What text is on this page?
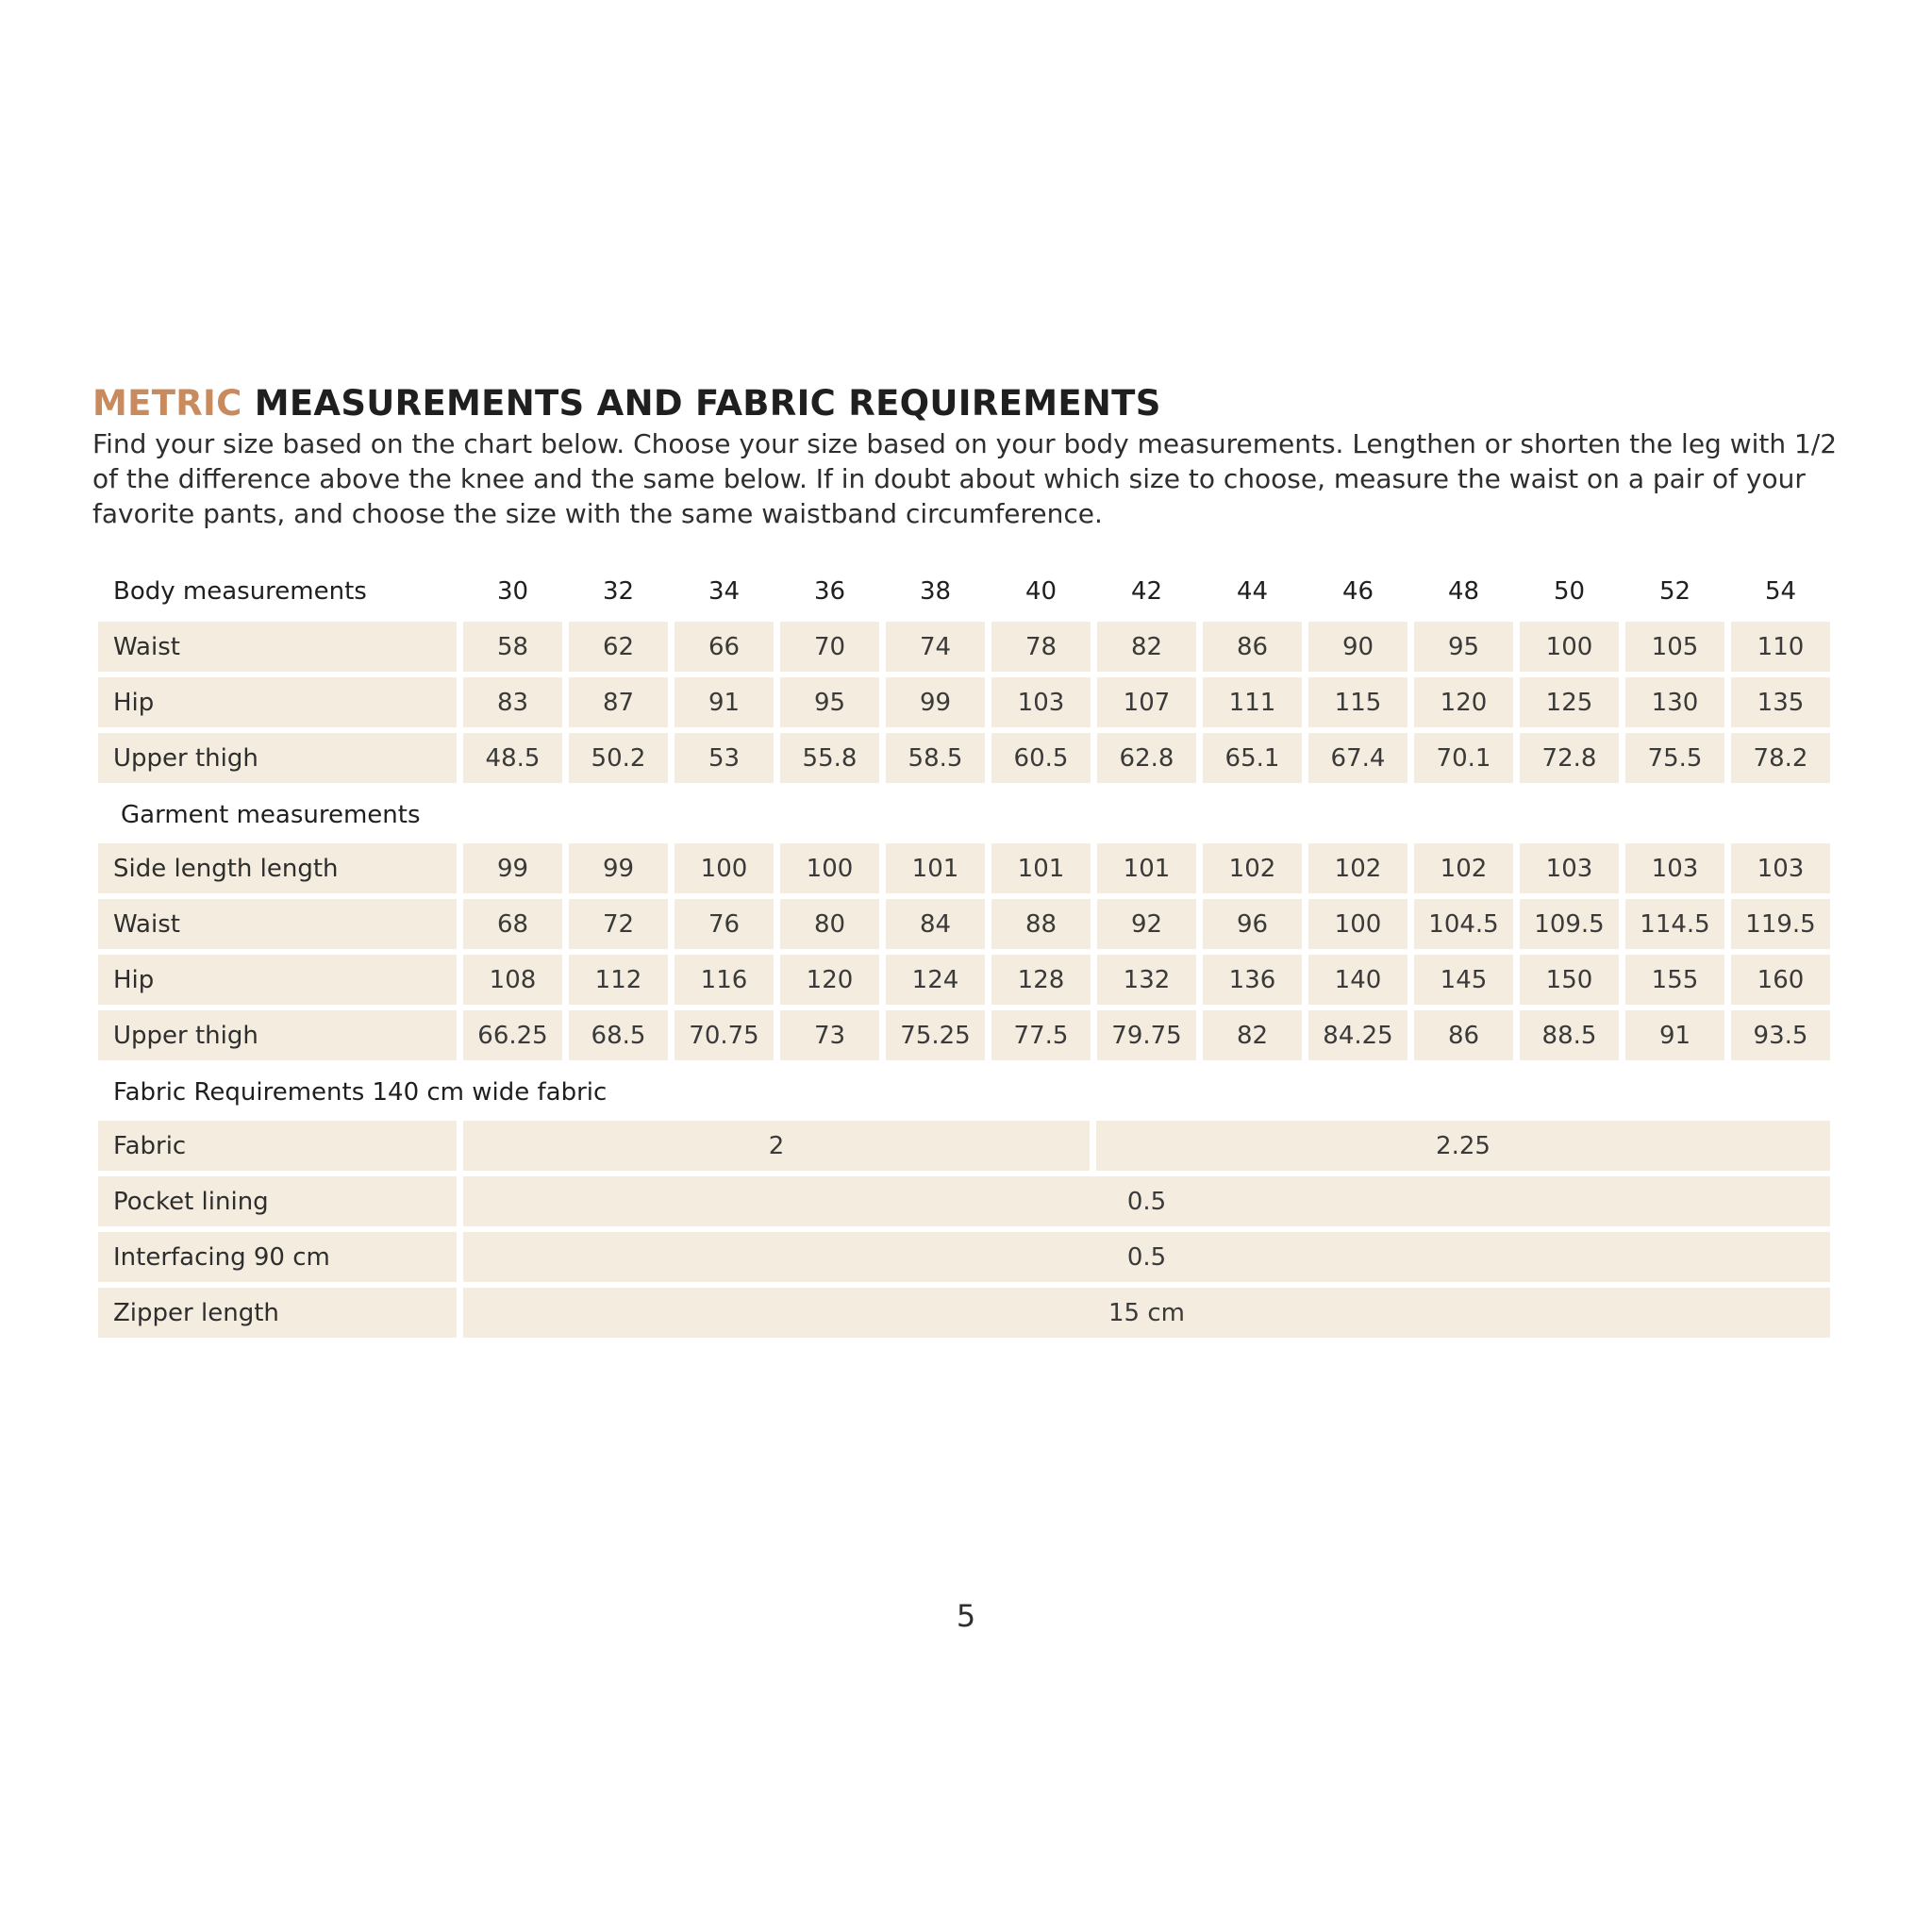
METRIC MEASUREMENTS AND FABRIC REQUIREMENTS

Find your size based on the chart below. Choose your size based on your body measurements. Lengthen or shorten the leg with 1/2 of the difference above the knee and the same below. If in doubt about which size to choose, measure the waist on a pair of your favorite pants, and choose the size with the same waistband circumference.

Body measurements	30	32	34	36	38	40	42	44	46	48	50	52	54
Waist	58	62	66	70	74	78	82	86	90	95	100	105	110
Hip	83	87	91	95	99	103	107	111	115	120	125	130	135
Upper thigh	48.5	50.2	53	55.8	58.5	60.5	62.8	65.1	67.4	70.1	72.8	75.5	78.2
Garment measurements
Side length length	99	99	100	100	101	101	101	102	102	102	103	103	103
Waist	68	72	76	80	84	88	92	96	100	104.5	109.5	114.5	119.5
Hip	108	112	116	120	124	128	132	136	140	145	150	155	160
Upper thigh	66.25	68.5	70.75	73	75.25	77.5	79.75	82	84.25	86	88.5	91	93.5
Fabric Requirements 140 cm wide fabric
Fabric	2	2.25
Pocket lining	0.5
Interfacing 90 cm	0.5
Zipper length	15 cm
5
